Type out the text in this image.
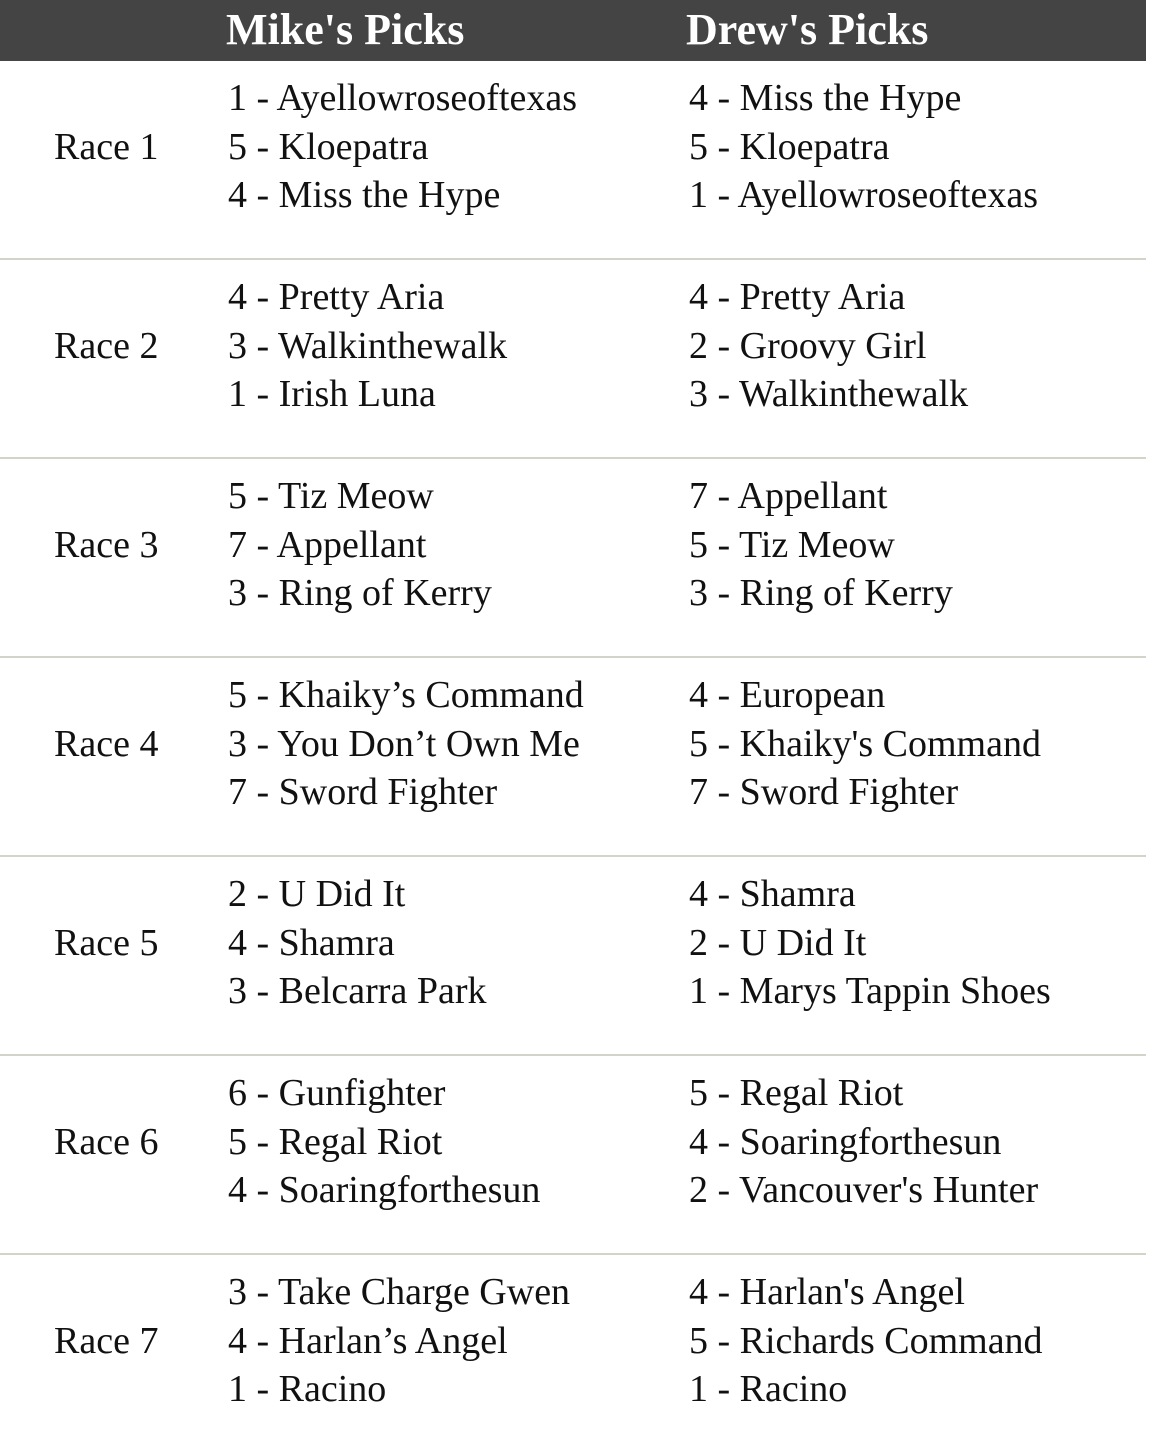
Mike's Picks	Drew's Picks
Race 1
1 - Ayellowroseoftexas
5 - Kloepatra
4 - Miss the Hype
4 - Miss the Hype
5 - Kloepatra
1 - Ayellowroseoftexas
Race 2
4 - Pretty Aria
3 - Walkinthewalk
1 - Irish Luna
4 - Pretty Aria
2 - Groovy Girl
3 - Walkinthewalk
Race 3
5 - Tiz Meow
7 - Appellant
3 - Ring of Kerry
7 - Appellant
5 - Tiz Meow
3 - Ring of Kerry
Race 4
5 - Khaiky’s Command
3 - You Don’t Own Me
7 - Sword Fighter
4 - European
5 - Khaiky's Command
7 - Sword Fighter
Race 5
2 - U Did It
4 - Shamra
3 - Belcarra Park
4 - Shamra
2 - U Did It
1 - Marys Tappin Shoes
Race 6
6 - Gunfighter
5 - Regal Riot
4 - Soaringforthesun
5 - Regal Riot
4 - Soaringforthesun
2 - Vancouver's Hunter
Race 7
3 - Take Charge Gwen
4 - Harlan’s Angel
1 - Racino
4 - Harlan's Angel
5 - Richards Command
1 - Racino
